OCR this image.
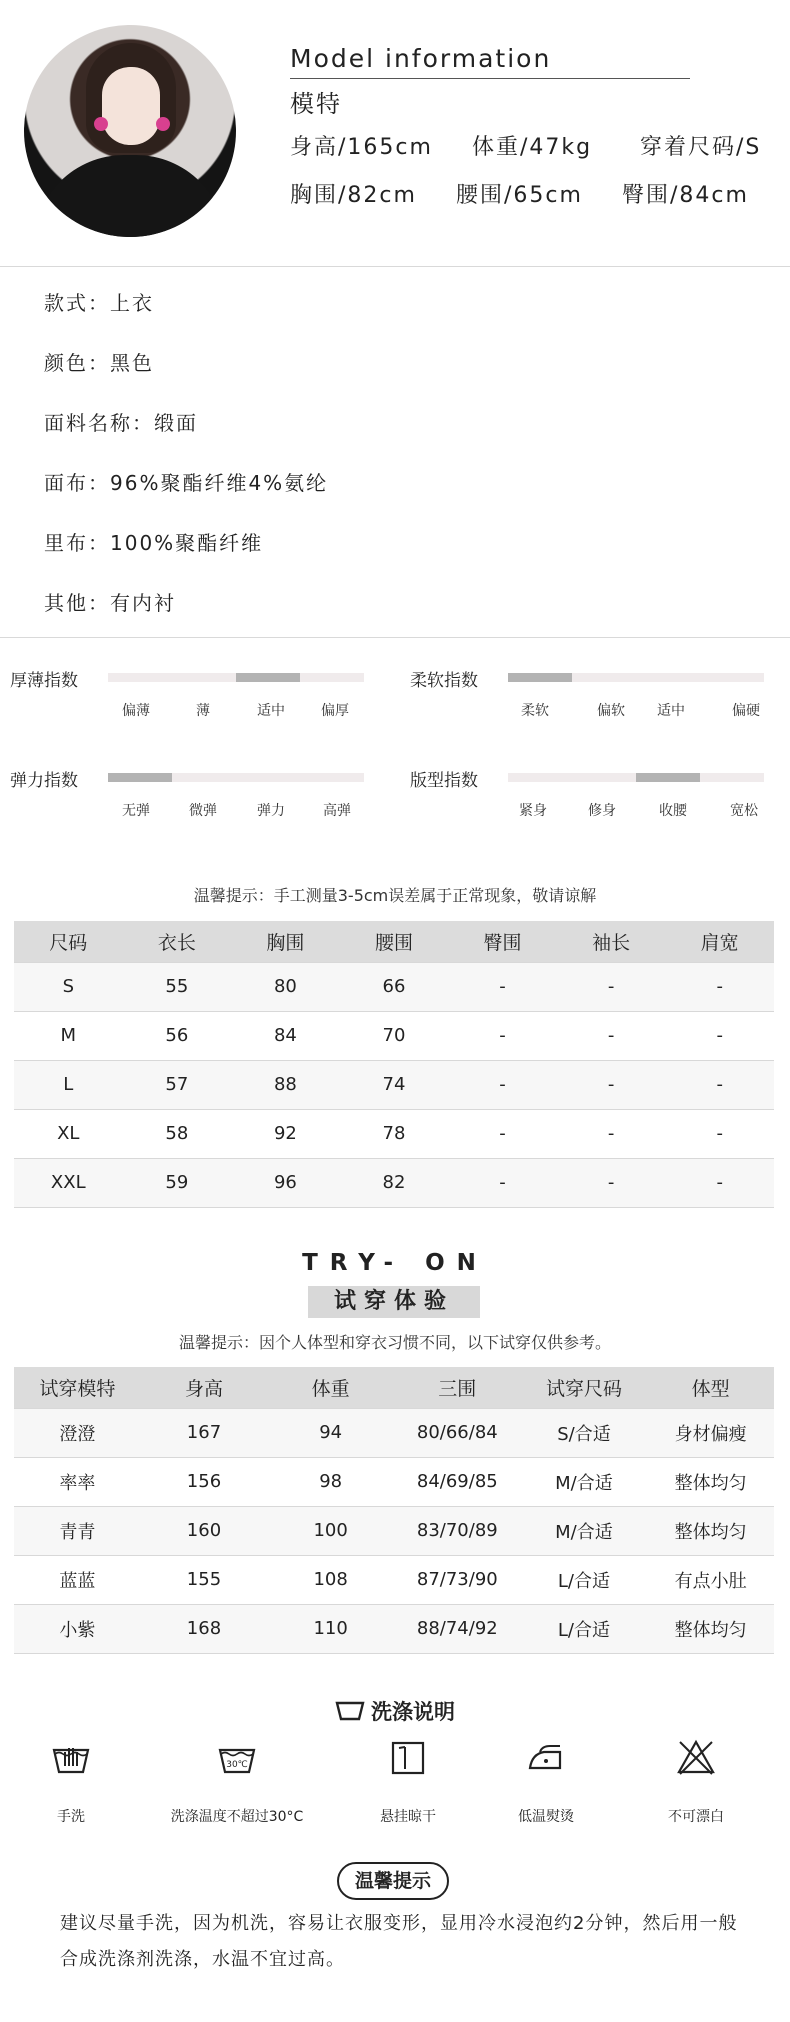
Model information
模特
身高/165cm 体重/47kg 穿着尺码/S
胸围/82cm 腰围/65cm 臀围/84cm
款式：上衣
颜色：黑色
面料名称：缎面
面布：96%聚酯纤维4%氨纶
里布：100%聚酯纤维
其他：有内衬
厚薄指数
偏薄	薄	适中	偏厚
柔软指数
柔软	偏软 适中	偏硬
弹力指数
无弹	微弹	弹力	高弹
版型指数
紧身	修身	收腰	宽松
温馨提示：手工测量3-5cm误差属于正常现象，敬请谅解
尺码	衣长	胸围	腰围	臀围	袖长	肩宽
S	55	80	66	-	-	-
M	56	84	70	-	-	-
L	57	88	74	-	-	-
XL	58	92	78	-	-	-
XXL	59	96	82	-	-	-
TRY- ON
试穿体验
温馨提示：因个人体型和穿衣习惯不同，以下试穿仅供参考。
试穿模特	身高	体重	三围	试穿尺码	体型
澄澄	167	94	80/66/84	S/合适	身材偏瘦
率率	156	98	84/69/85	M/合适	整体均匀
青青	160	100	83/70/89	M/合适	整体均匀
蓝蓝	155	108	87/73/90	L/合适	有点小肚
小紫	168	110	88/74/92	L/合适	整体均匀
洗涤说明
手洗
30℃
洗涤温度不超过30°C	悬挂晾干	低温熨烫	不可漂白
温馨提示
建议尽量手洗，因为机洗，容易让衣服变形，显用冷水浸泡约2分钟，然后用一般合成洗涤剂洗涤，水温不宜过高。
